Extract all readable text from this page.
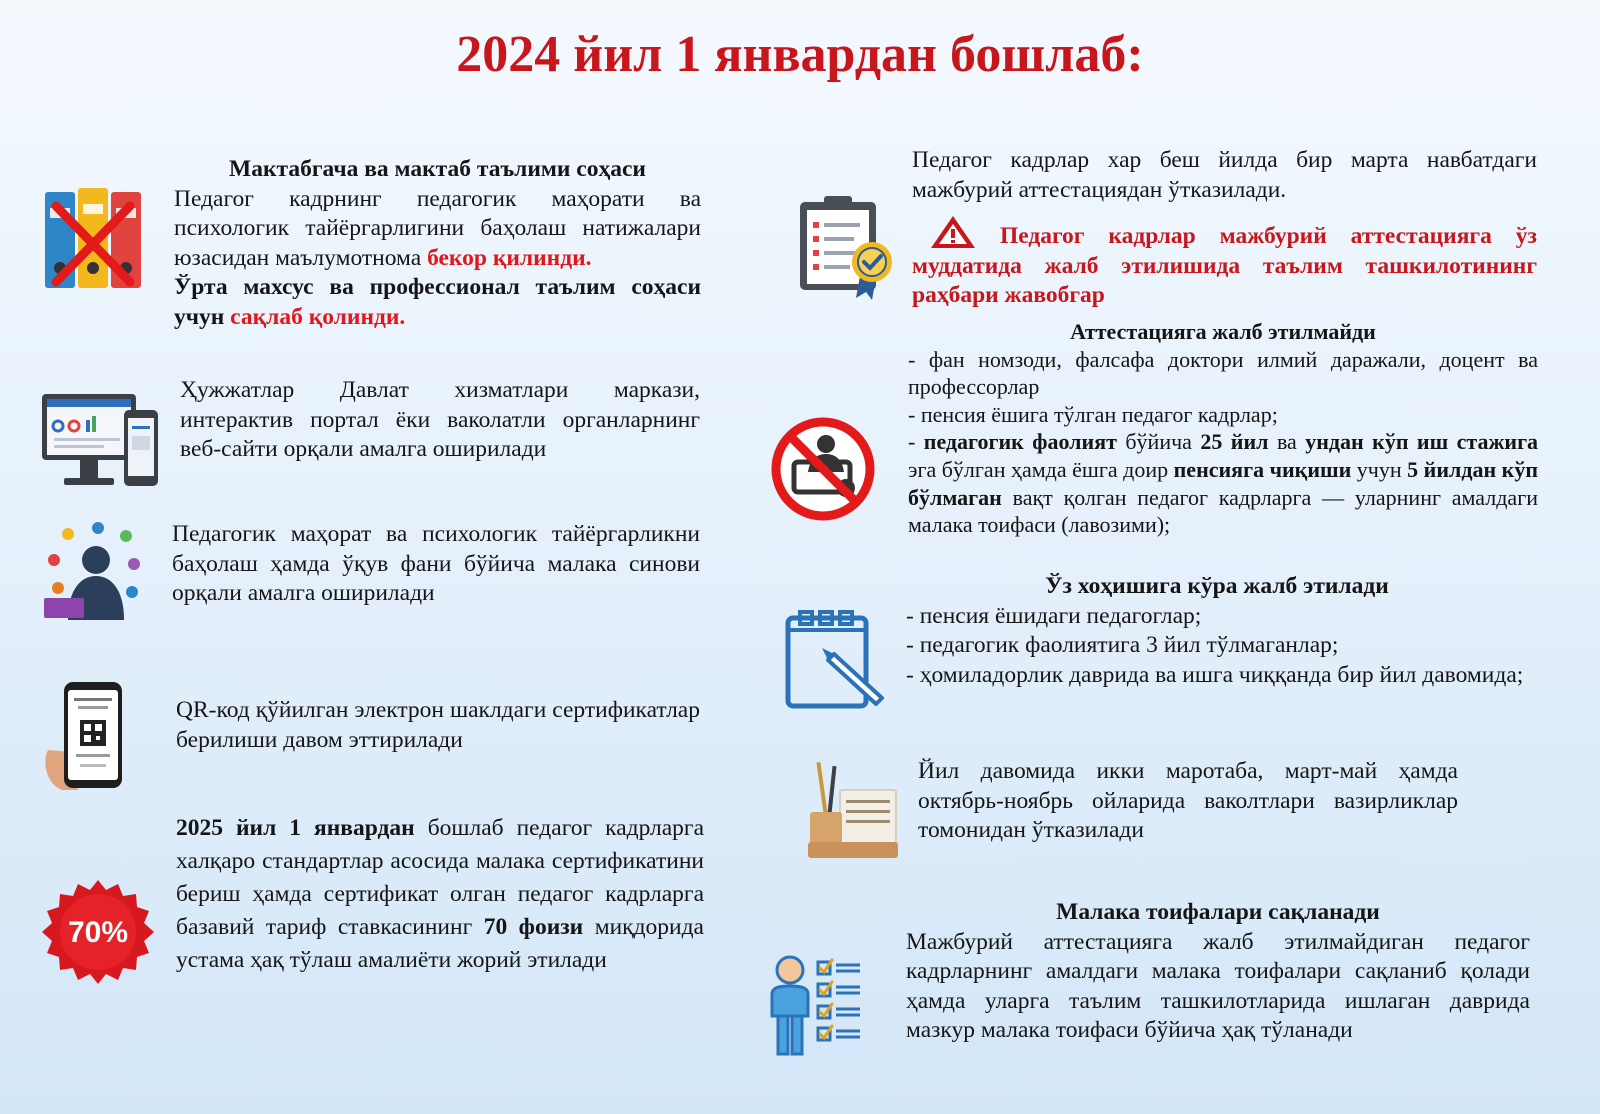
2024 йил 1 январдан бошлаб:
Мактабгача ва мактаб таълими соҳаси
Педагог кадрнинг педагогик маҳорати ва психологик тайёргарлигини баҳолаш натижалари юзасидан маълумотнома бекор қилинди.
Ўрта махсус ва профессионал таълим соҳаси учун сақлаб қолинди.
Ҳужжатлар Давлат хизматлари маркази, интерактив портал ёки ваколатли органларнинг веб-сайти орқали амалга оширилади
Педагогик маҳорат ва психологик тайёргарликни баҳолаш ҳамда ўқув фани бўйича малака синови орқали амалга оширилади
QR-код қўйилган электрон шаклдаги сертификатлар берилиши давом эттирилади
70%
2025 йил 1 январдан бошлаб педагог кадрларга халқаро стандартлар асосида малака сертификатини бериш ҳамда сертификат олган педагог кадрларга базавий тариф ставкасининг 70 фоизи миқдорида устама ҳақ тўлаш амалиёти жорий этилади
Педагог кадрлар хар беш йилда бир марта навбатдаги мажбурий аттестациядан ўтказилади.
Педагог кадрлар мажбурий аттестацияга ўз муддатида жалб этилишида таълим ташкилотининг раҳбари жавобгар
Аттестацияга жалб этилмайди
- фан номзоди, фалсафа доктори илмий даражали, доцент ва профессорлар
- пенсия ёшига тўлган педагог кадрлар;
- педагогик фаолият бўйича 25 йил ва ундан кўп иш стажига эга бўлган ҳамда ёшга доир пенсияга чиқиши учун 5 йилдан кўп бўлмаган вақт қолган педагог кадрларга — уларнинг амалдаги малака тоифаси (лавозими);
Ўз хоҳишига кўра жалб этилади
- пенсия ёшидаги педагоглар;
- педагогик фаолиятига 3 йил тўлмаганлар;
- ҳомиладорлик даврида ва ишга чиққанда бир йил давомида;
Йил давомида икки маротаба, март-май ҳамда октябрь-ноябрь ойларида ваколтлари вазирликлар томонидан ўтказилади
Малака тоифалари сақланади
Мажбурий аттестацияга жалб этилмайдиган педагог кадрларнинг амалдаги малака тоифалари сақланиб қолади ҳамда уларга таълим ташкилотларида ишлаган даврида мазкур малака тоифаси бўйича ҳақ тўланади
